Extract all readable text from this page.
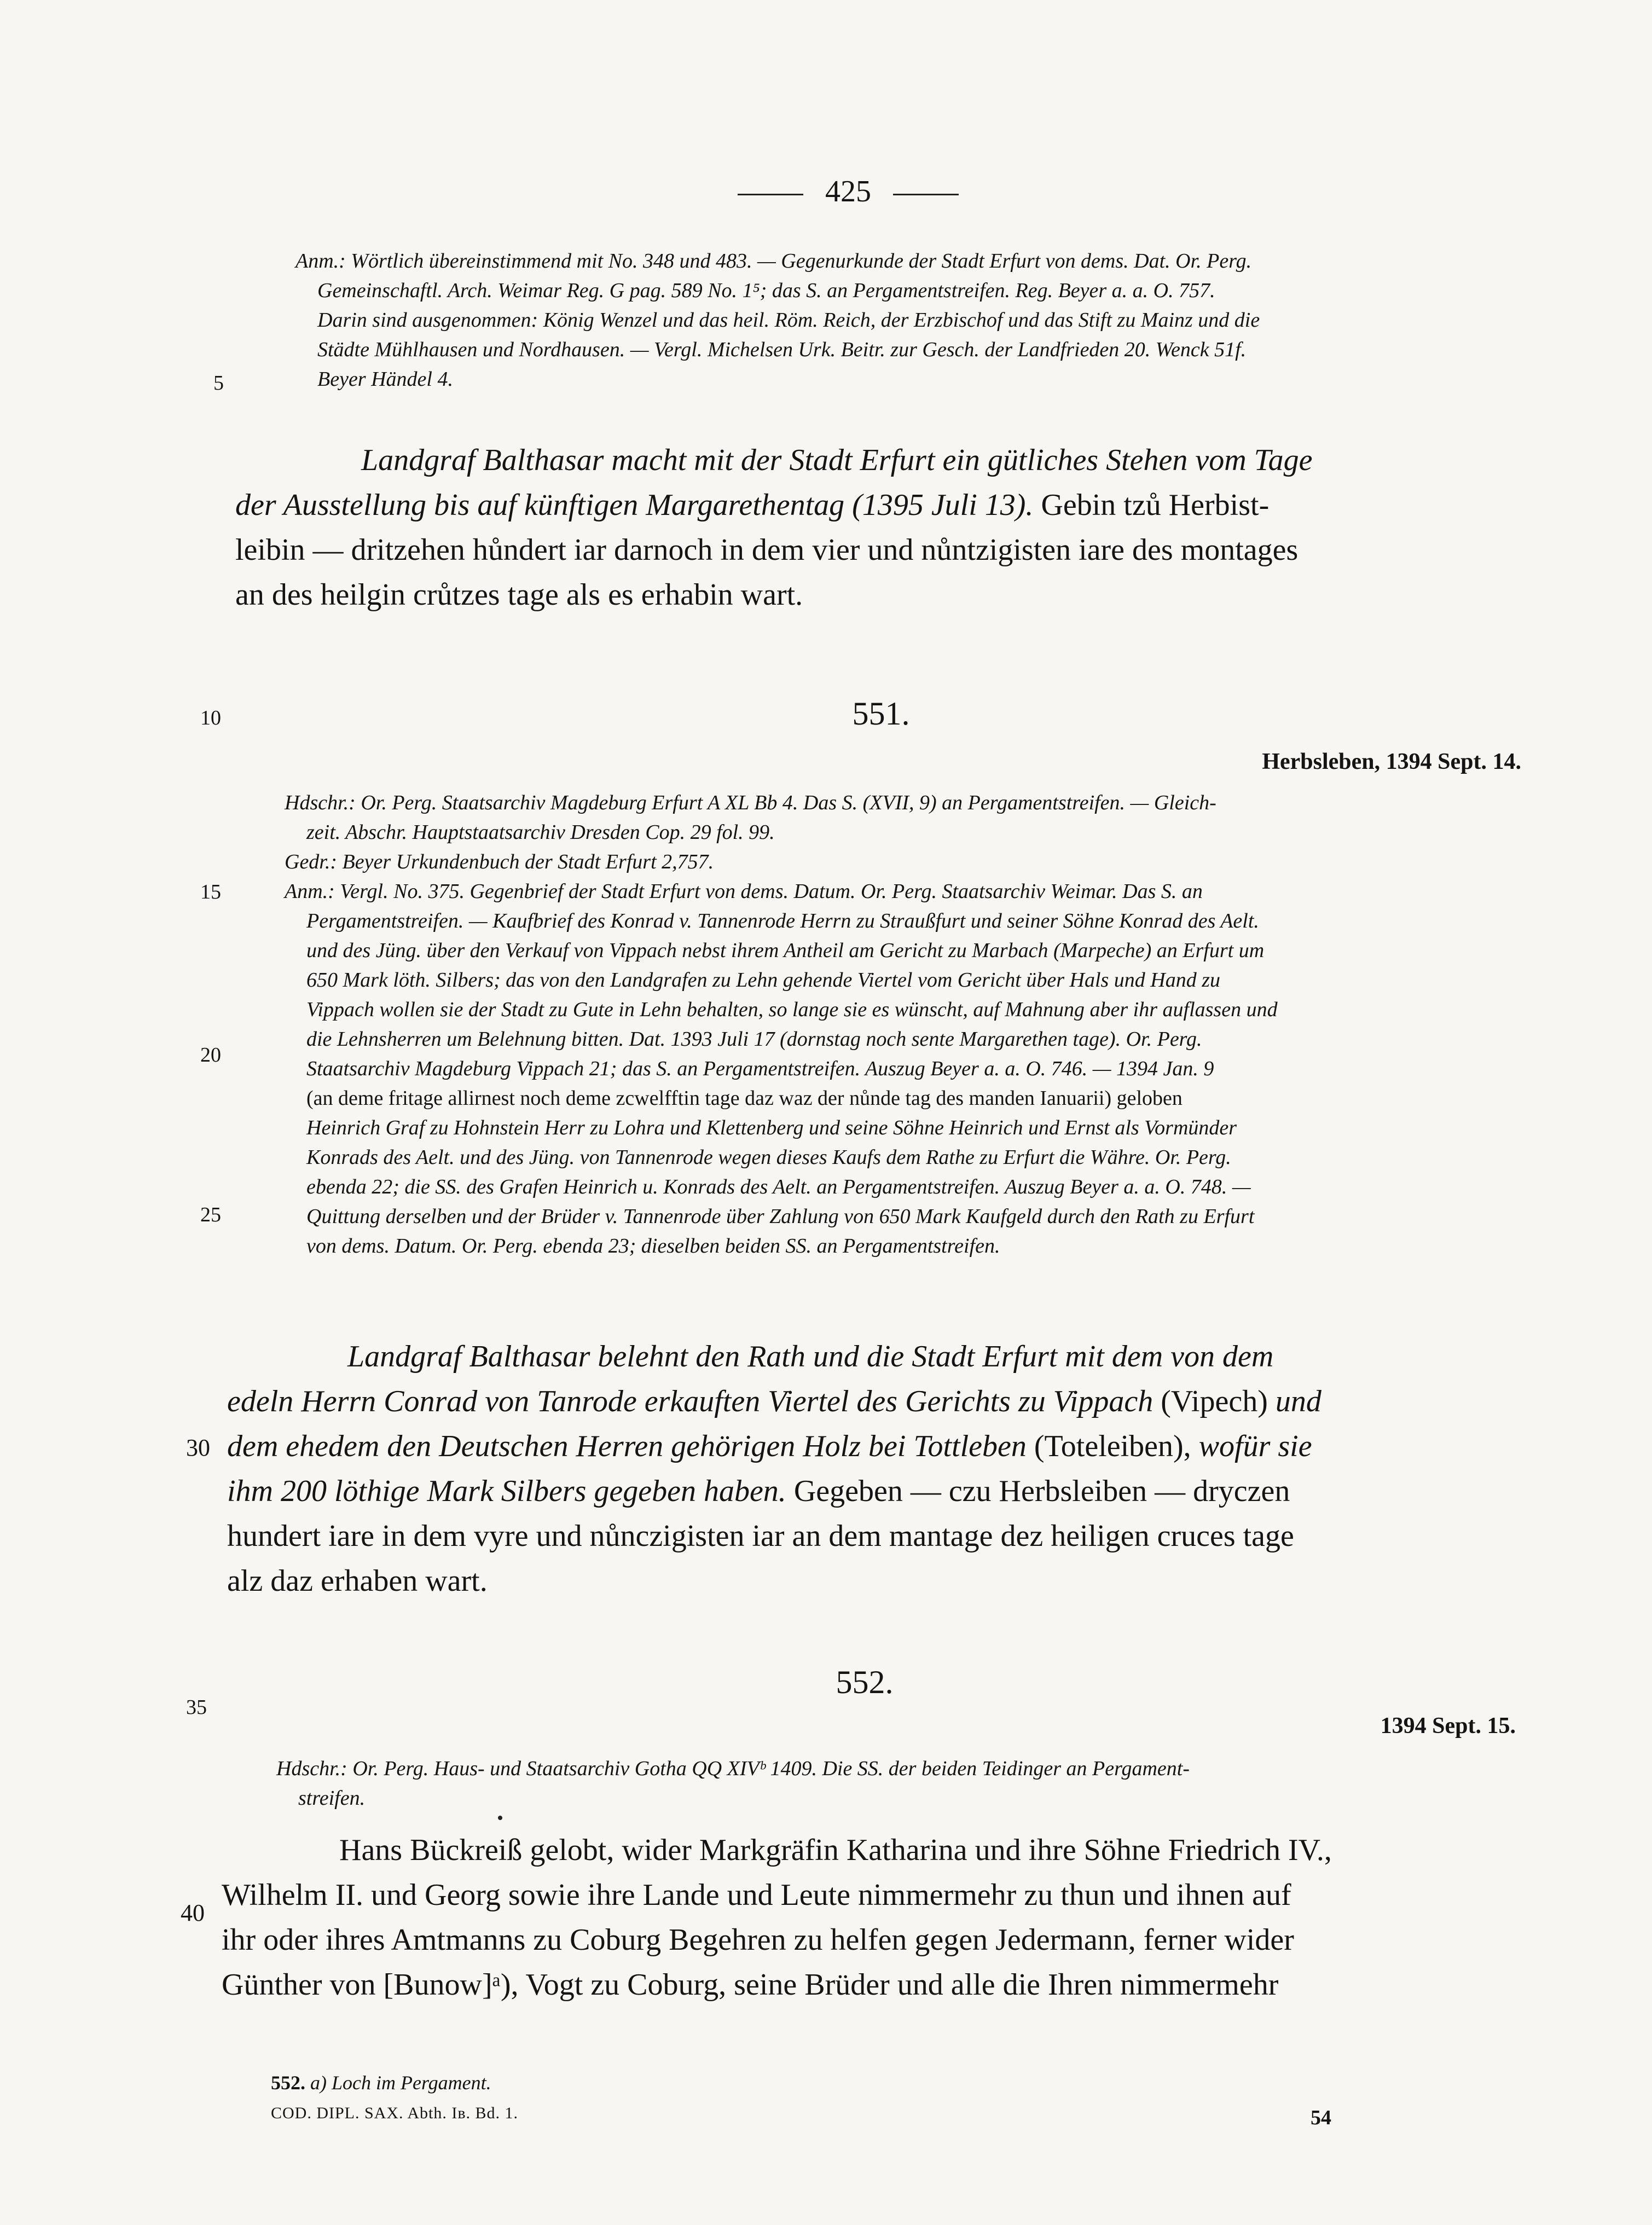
425
Anm.: Wörtlich übereinstimmend mit No. 348 und 483. — Gegenurkunde der Stadt Erfurt von dems. Dat. Or. Perg.
Gemeinschaftl. Arch. Weimar Reg. G pag. 589 No. 1⁵; das S. an Pergamentstreifen. Reg. Beyer a. a. O. 757.
Darin sind ausgenommen: König Wenzel und das heil. Röm. Reich, der Erzbischof und das Stift zu Mainz und die
Städte Mühlhausen und Nordhausen. — Vergl. Michelsen Urk. Beitr. zur Gesch. der Landfrieden 20. Wenck 51f.
Beyer Händel 4.
5
10
15
20
25
30
35
40
Landgraf Balthasar macht mit der Stadt Erfurt ein gütliches Stehen vom Tage
der Ausstellung bis auf künftigen Margarethentag (1395 Juli 13). Gebin tzů Herbist-
leibin — dritzehen hůndert iar darnoch in dem vier und nůntzigisten iare des montages
an des heilgin crůtzes tage als es erhabin wart.
551.
Herbsleben, 1394 Sept. 14.
Hdschr.: Or. Perg. Staatsarchiv Magdeburg Erfurt A XL Bb 4. Das S. (XVII, 9) an Pergamentstreifen. — Gleich-
zeit. Abschr. Hauptstaatsarchiv Dresden Cop. 29 fol. 99.
Gedr.: Beyer Urkundenbuch der Stadt Erfurt 2,757.
Anm.: Vergl. No. 375. Gegenbrief der Stadt Erfurt von dems. Datum. Or. Perg. Staatsarchiv Weimar. Das S. an
Pergamentstreifen. — Kaufbrief des Konrad v. Tannenrode Herrn zu Straußfurt und seiner Söhne Konrad des Aelt.
und des Jüng. über den Verkauf von Vippach nebst ihrem Antheil am Gericht zu Marbach (Marpeche) an Erfurt um
650 Mark löth. Silbers; das von den Landgrafen zu Lehn gehende Viertel vom Gericht über Hals und Hand zu
Vippach wollen sie der Stadt zu Gute in Lehn behalten, so lange sie es wünscht, auf Mahnung aber ihr auflassen und
die Lehnsherren um Belehnung bitten. Dat. 1393 Juli 17 (dornstag noch sente Margarethen tage). Or. Perg.
Staatsarchiv Magdeburg Vippach 21; das S. an Pergamentstreifen. Auszug Beyer a. a. O. 746. — 1394 Jan. 9
(an deme fritage allirnest noch deme zcwelfftin tage daz waz der nůnde tag des manden Ianuarii) geloben
Heinrich Graf zu Hohnstein Herr zu Lohra und Klettenberg und seine Söhne Heinrich und Ernst als Vormünder
Konrads des Aelt. und des Jüng. von Tannenrode wegen dieses Kaufs dem Rathe zu Erfurt die Währe. Or. Perg.
ebenda 22; die SS. des Grafen Heinrich u. Konrads des Aelt. an Pergamentstreifen. Auszug Beyer a. a. O. 748. —
Quittung derselben und der Brüder v. Tannenrode über Zahlung von 650 Mark Kaufgeld durch den Rath zu Erfurt
von dems. Datum. Or. Perg. ebenda 23; dieselben beiden SS. an Pergamentstreifen.
Landgraf Balthasar belehnt den Rath und die Stadt Erfurt mit dem von dem
edeln Herrn Conrad von Tanrode erkauften Viertel des Gerichts zu Vippach (Vipech) und
dem ehedem den Deutschen Herren gehörigen Holz bei Tottleben (Toteleiben), wofür sie
ihm 200 löthige Mark Silbers gegeben haben. Gegeben — czu Herbsleiben — dryczen
hundert iare in dem vyre und nůnczigisten iar an dem mantage dez heiligen cruces tage
alz daz erhaben wart.
552.
1394 Sept. 15.
Hdschr.: Or. Perg. Haus- und Staatsarchiv Gotha QQ XIVᵇ 1409. Die SS. der beiden Teidinger an Pergament-
streifen.
Hans Bückreiß gelobt, wider Markgräfin Katharina und ihre Söhne Friedrich IV.,
Wilhelm II. und Georg sowie ihre Lande und Leute nimmermehr zu thun und ihnen auf
ihr oder ihres Amtmanns zu Coburg Begehren zu helfen gegen Jedermann, ferner wider
Günther von [Bunow]ᵃ), Vogt zu Coburg, seine Brüder und alle die Ihren nimmermehr
552. a) Loch im Pergament.
COD. DIPL. SAX. Abth. Iʙ. Bd. 1.	54
